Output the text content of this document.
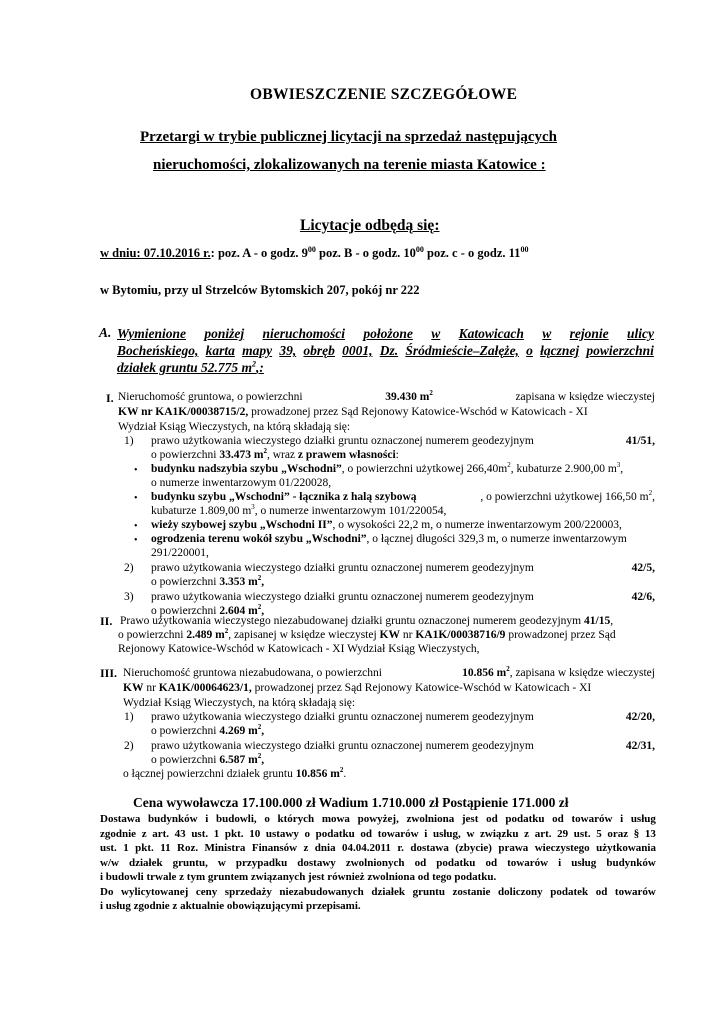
OBWIESZCZENIE SZCZEGÓŁOWE
Przetargi w trybie publicznej licytacji na sprzedaż następujących
nieruchomości, zlokalizowanych na terenie miasta Katowice :
Licytacje odbędą się:
w dniu: 07.10.2016 r.: poz. A - o godz. $9^{00}$ poz. B - o godz. $10^{00}$ poz. c - o godz. $11^{00}$
w Bytomiu, przy ul Strzelców Bytomskich 207, pokój nr 222
A. Wymienione poniżej nieruchomości położone w Katowicach w rejonie ulicy
Bocheńskiego, karta mapy 39, obręb 0001, Dz. Śródmieście–Załęże, o łącznej powierzchni
działek gruntu 52.775 $m^2$,:
I. Nieruchomość gruntowa, o powierzchni	39.430 $m^2$	zapisana w księdze wieczystej
KW nr KA1K/00038715/2, prowadzonej przez Sąd Rejonowy Katowice-Wschód w Katowicach - XI
Wydział Ksiąg Wieczystych, na którą składają się:
1) prawo użytkowania wieczystego działki gruntu oznaczonej numerem geodezyjnym	41/51,
o powierzchni 33.473 $m^2$, wraz z prawem własności:
• budynku nadszybia szybu „Wschodni”, o powierzchni użytkowej $266,40m^2$, kubaturze 2.900,00 $m^3$,
o numerze inwentarzowym 01/220028,
• budynku szybu „Wschodni” - łącznika z halą szybową	, o powierzchni użytkowej 166,50 $m^2$,
kubaturze 1.809,00 $m^3$, o numerze inwentarzowym 101/220054,
• wieży szybowej szybu „Wschodni II”, o wysokości 22,2 m, o numerze inwentarzowym 200/220003,
• ogrodzenia terenu wokół szybu „Wschodni”, o łącznej długości 329,3 m, o numerze inwentarzowym
291/220001,
2) prawo użytkowania wieczystego działki gruntu oznaczonej numerem geodezyjnym	42/5,
o powierzchni 3.353 $m^2$,
3) prawo użytkowania wieczystego działki gruntu oznaczonej numerem geodezyjnym	42/6,
o powierzchni 2.604 $m^2$,
II. Prawo użytkowania wieczystego niezabudowanej działki gruntu oznaczonej numerem geodezyjnym 41/15,
o powierzchni 2.489 $m^2$, zapisanej w księdze wieczystej KW nr KA1K/00038716/9 prowadzonej przez Sąd
Rejonowy Katowice-Wschód w Katowicach - XI Wydział Ksiąg Wieczystych,
III. Nieruchomość gruntowa niezabudowana, o powierzchni	10.856 $m^2$, zapisana w księdze wieczystej
KW nr KA1K/00064623/1, prowadzonej przez Sąd Rejonowy Katowice-Wschód w Katowicach - XI
Wydział Ksiąg Wieczystych, na którą składają się:
1) prawo użytkowania wieczystego działki gruntu oznaczonej numerem geodezyjnym	42/20,
o powierzchni 4.269 $m^2$,
2) prawo użytkowania wieczystego działki gruntu oznaczonej numerem geodezyjnym	42/31,
o powierzchni 6.587 $m^2$,
o łącznej powierzchni działek gruntu 10.856 $m^2$.
Cena wywoławcza 17.100.000 zł Wadium 1.710.000 zł Postąpienie 171.000 zł
Dostawa budynków i budowli, o których mowa powyżej, zwolniona jest od podatku od towarów i usług
zgodnie z art. 43 ust. 1 pkt. 10 ustawy o podatku od towarów i usług, w związku z art. 29 ust. 5 oraz § 13
ust. 1 pkt. 11 Roz. Ministra Finansów z dnia 04.04.2011 r. dostawa (zbycie) prawa wieczystego użytkowania
w/w działek gruntu, w przypadku dostawy zwolnionych od podatku od towarów i usług budynków
i budowli trwale z tym gruntem związanych jest również zwolniona od tego podatku.
Do wylicytowanej ceny sprzedaży niezabudowanych działek gruntu zostanie doliczony podatek od towarów
i usług zgodnie z aktualnie obowiązującymi przepisami.
